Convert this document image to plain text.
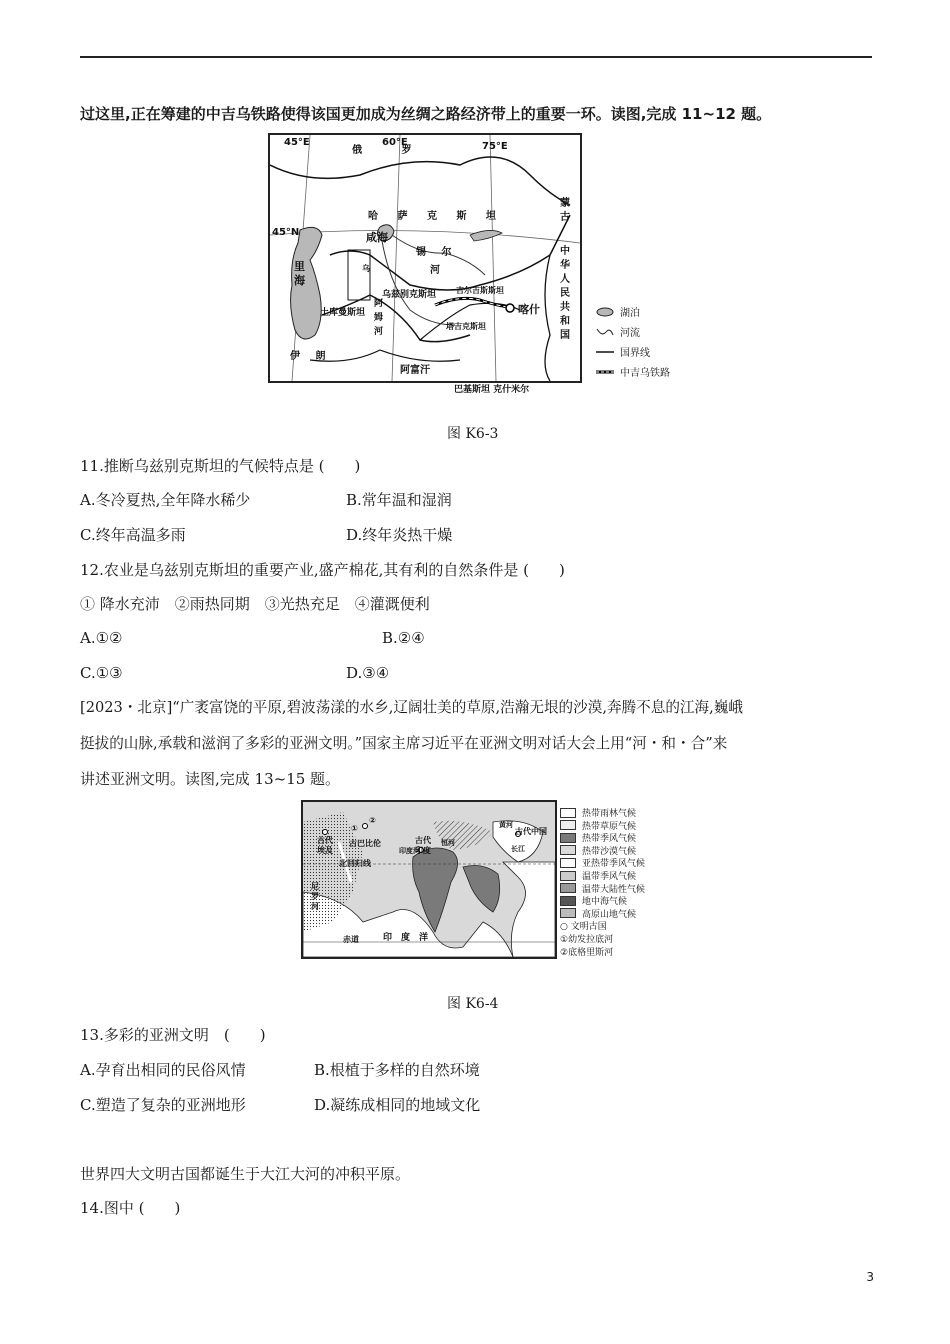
过这里,正在筹建的中吉乌铁路使得该国更加成为丝绸之路经济带上的重要一环。读图,完成 11~12 题。
45°E	60°E	75°E
45°N
俄 罗
哈 萨 克 斯 坦
蒙古
中华人民共和国
里海
咸海
锡 尔
河
乌
乌兹别克斯坦
阿姆河
土库曼斯坦
吉尔吉斯斯坦
塔吉克斯坦
喀什
伊 朗
阿富汗
巴基斯坦 克什米尔
湖泊
河流
国界线
中吉乌铁路
图 K6-3
11.推断乌兹别克斯坦的气候特点是 (　　)
A.冬冷夏热,全年降水稀少	B.常年温和湿润
C.终年高温多雨	D.终年炎热干燥
12.农业是乌兹别克斯坦的重要产业,盛产棉花,其有利的自然条件是 (　　)
① 降水充沛　②雨热同期　③光热充足　④灌溉便利
A.①②	B.②④
C.①③	D.③④
[2023・北京]“广袤富饶的平原,碧波荡漾的水乡,辽阔壮美的草原,浩瀚无垠的沙漠,奔腾不息的江海,巍峨
挺拔的山脉,承载和滋润了多彩的亚洲文明。”国家主席习近平在亚洲文明对话大会上用“河・和・合”来
讲述亚洲文明。读图,完成 13~15 题。
古代埃及
古巴比伦
①
②
古代印度
恒河
印度河
黄河
长江
古代中国
北回归线
尼罗河
赤道	印　度　洋
热带雨林气候
热带草原气候
热带季风气候
热带沙漠气候
亚热带季风气候
温带季风气候
温带大陆性气候
地中海气候
高原山地气候
○ 文明古国
①幼发拉底河
②底格里斯河
图 K6-4
13.多彩的亚洲文明　(　　)
A.孕育出相同的民俗风情	B.根植于多样的自然环境
C.塑造了复杂的亚洲地形	D.凝练成相同的地域文化
世界四大文明古国都诞生于大江大河的冲积平原。
14.图中 (　　)
3
